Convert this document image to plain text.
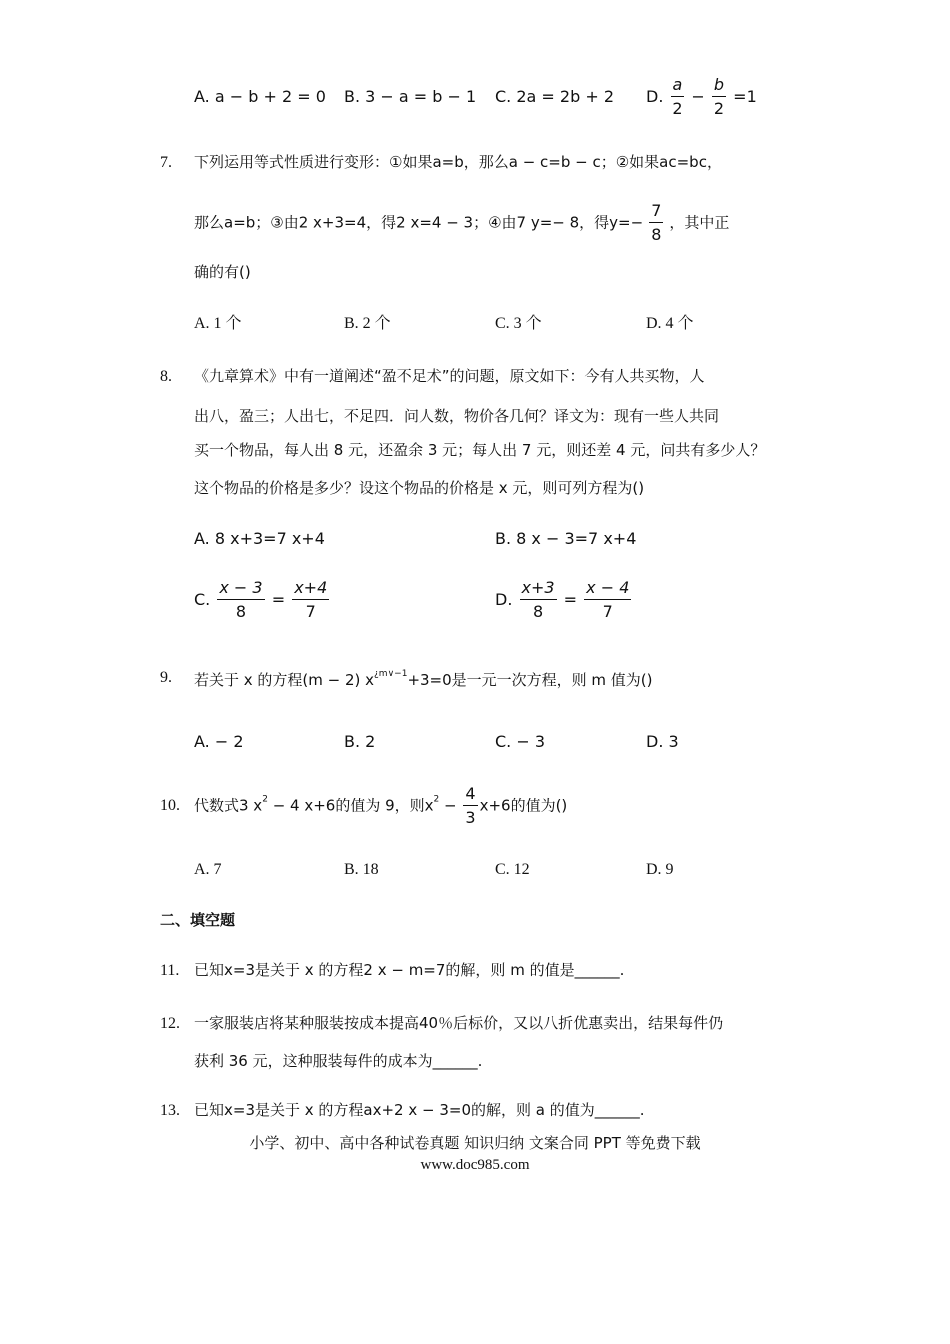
A. a − b + 2 = 0 B. 3 − a = b − 1 C. 2a = 2b + 2 D. $\frac{a}{2} - \frac{b}{2} =1$
7. 下列运用等式性质进行变形：①如果a=b，那么a − c=b − c；②如果ac=bc，
那么a=b；③由2 x+3=4，得2 x=4 − 3；④由7 y=− 8，得$y=- \frac{7}{8}$ ，其中正
确的有()
A. 1 个	B. 2 个	C. 3 个	D. 4 个
8. 《九章算术》中有一道阐述“盈不足术”的问题，原文如下：今有人共买物，人
出八，盈三；人出七，不足四．问人数，物价各几何？译文为：现有一些人共同
买一个物品，每人出 8 元，还盈余 3 元；每人出 7 元，则还差 4 元，问共有多少人？
这个物品的价格是多少？设这个物品的价格是 x 元，则可列方程为()
A. 8 x+3=7 x+4	B. 8 x − 3=7 x+4
C. $\frac{x - 3}{8} = \frac{x+4}{7}$	D. $\frac{x+3}{8} = \frac{x - 4}{7}$
9. 若关于 x 的方程(m − 2) $x^{¿m\vee-1}+3=0$是一元一次方程，则 m 值为()
A. − 2	B. 2	C. − 3	D. 3
10. 代数式3 $x^2 - 4$ x+6的值为 9，则$x^2 - \frac{4}{3} x+6$的值为()
A. 7	B. 18	C. 12	D. 9
二、填空题
11. 已知x=3是关于 x 的方程2 x − m=7的解，则 m 的值是______.
12. 一家服装店将某种服装按成本提高40％后标价，又以八折优惠卖出，结果每件仍
获利 36 元，这种服装每件的成本为______.
13. 已知x=3是关于 x 的方程ax+2 x − 3=0的解，则 a 的值为______.
小学、初中、高中各种试卷真题 知识归纳 文案合同 PPT 等免费下载
www.doc985.com
